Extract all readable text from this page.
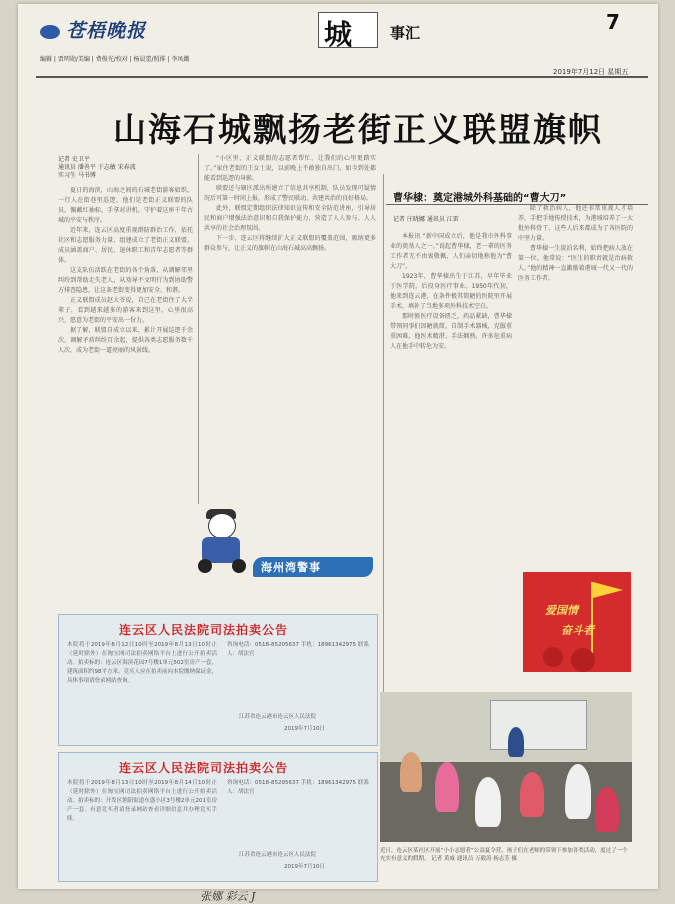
苍梧晚报
编辑 | 贾明勋/美编 | 费俊光/校对 | 杨晨蕾/照排 | 李凤娥
城	事汇	7
2019年7月12日 星期五
山海石城飘扬老街正义联盟旗帜
记者 史卫平
通讯员 潘善平 于志敏 宋春波
实习生 马书博

夏日的海滨，山海之间的石城老街游客如织。一行人在街巷里巡逻，他们是老街正义联盟的队员，佩戴红袖标，手拿对讲机，守护着这座千年古城的平安与秩序。

近年来，连云区高度重视群防群治工作，依托社区和志愿服务力量，组建成立了老街正义联盟，成员涵盖商户、居民、退休职工和青年志愿者等群体。

这支队伍活跃在老街的各个角落，从调解邻里纠纷到帮助走失老人，从劝导不文明行为到协助警方排查隐患，让这条老街变得更加安全、和谐。

正义联盟成员赵大爷说，自己在老街住了大半辈子，看到越来越多的游客来到这里，心里很高兴，愿意为老街的平安出一份力。

据了解，联盟自成立以来，累计开展巡逻千余次，调解矛盾纠纷百余起，提供各类志愿服务数千人次，成为老街一道亮丽的风景线。

“小区里，正义联盟的志愿者帮忙，让我们的心里更踏实了。”家住老街的王女士说，以前晚上不敢独自出门，如今到处都能看到巡逻的身影。

联盟还与辖区派出所建立了信息共享机制，队员发现可疑情况后可第一时间上报，形成了警民联动、共建共治的良好格局。

此外，联盟定期组织法律知识宣传和安全防范讲座，引导居民和商户增强法治意识和自我保护能力，营造了人人参与、人人共享的社会治理氛围。

下一步，连云区将继续扩大正义联盟的覆盖范围，吸纳更多群众参与，让正义的旗帜在山海石城高高飘扬。

海州湾警事
曹华棣：奠定港城外科基础的“曹大刀”
记者 庄晓娜 通讯员 江雷

本报讯 “新中国成立后，他是我市外科事业的奠基人之一。”说起曹华棣，老一辈的医务工作者无不由衷敬佩，人们亲切地称他为“曹大刀”。

1923年，曹华棣出生于江苏，早年毕业于医学院，后投身医疗事业。1950年代初，他来到连云港，在条件极其简陋的医院里开展手术，填补了当地多项外科技术空白。

那时候医疗设备匮乏，药品紧缺，曹华棣带领同事们因陋就简，自制手术器械，克服重重困难。他医术精湛、手法娴熟，许多危重病人在他手中转危为安。

除了救治病人，他还非常重视人才培养，手把手地传授技术，为港城培养了一大批外科骨干，这些人后来都成为了各医院的中坚力量。

曹华棣一生淡泊名利，始终把病人放在第一位。他常说：“医生的职责就是治病救人。”他的精神一直激励着港城一代又一代的医务工作者。

爱国情
奋斗者
近日，连云区某社区开展“小小志愿者”公益夏令营，孩子们在老师的带领下参加各类活动，度过了一个充实有意义的假期。 记者 黄威 通讯员 万毅涛 杨志芳 摄
连云区人民法院司法拍卖公告
本院将于2019年8月12日10时至2019年8月13日10时止（延时除外）在淘宝网司法拍卖网络平台上进行公开拍卖活动。拍卖标的：连云区海滨花园7号楼1单元502室房产一套，建筑面积约98平方米。竞买人应在拍卖前向本院缴纳保证金，具体事项请登录网站查询。
咨询电话：0518-85205637 手机：18961342975 联系人：胡法官
江苏省连云港市连云区人民法院
2019年7月10日
连云区人民法院司法拍卖公告
本院将于2019年8月13日10时至2019年8月14日10时止（延时除外）在淘宝网司法拍卖网络平台上进行公开拍卖活动。拍卖标的：开发区朝阳街道东盛小区3号楼2单元201室房产一套。有意竞买者请登录网站查看详细信息并办理竞买手续。
咨询电话：0518-85295637 手机：18961342975 联系人：胡法官
江苏省连云港市连云区人民法院
2019年7月10日
张娜 彩云 J
